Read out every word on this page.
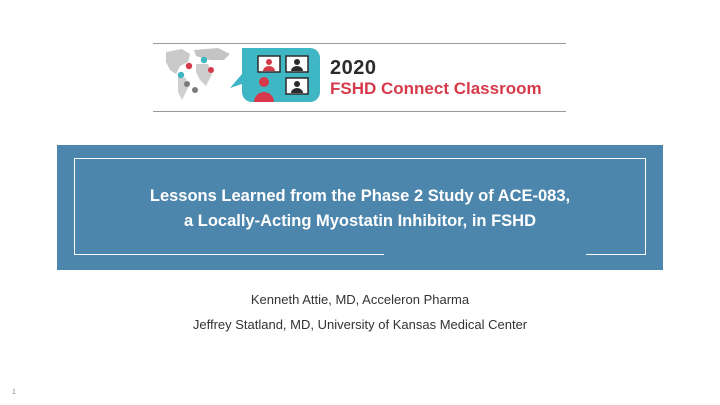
2020
FSHD Connect Classroom
Lessons Learned from the Phase 2 Study of ACE-083,
a Locally-Acting Myostatin Inhibitor, in FSHD
Kenneth Attie, MD, Acceleron Pharma
Jeffrey Statland, MD, University of Kansas Medical Center
1
